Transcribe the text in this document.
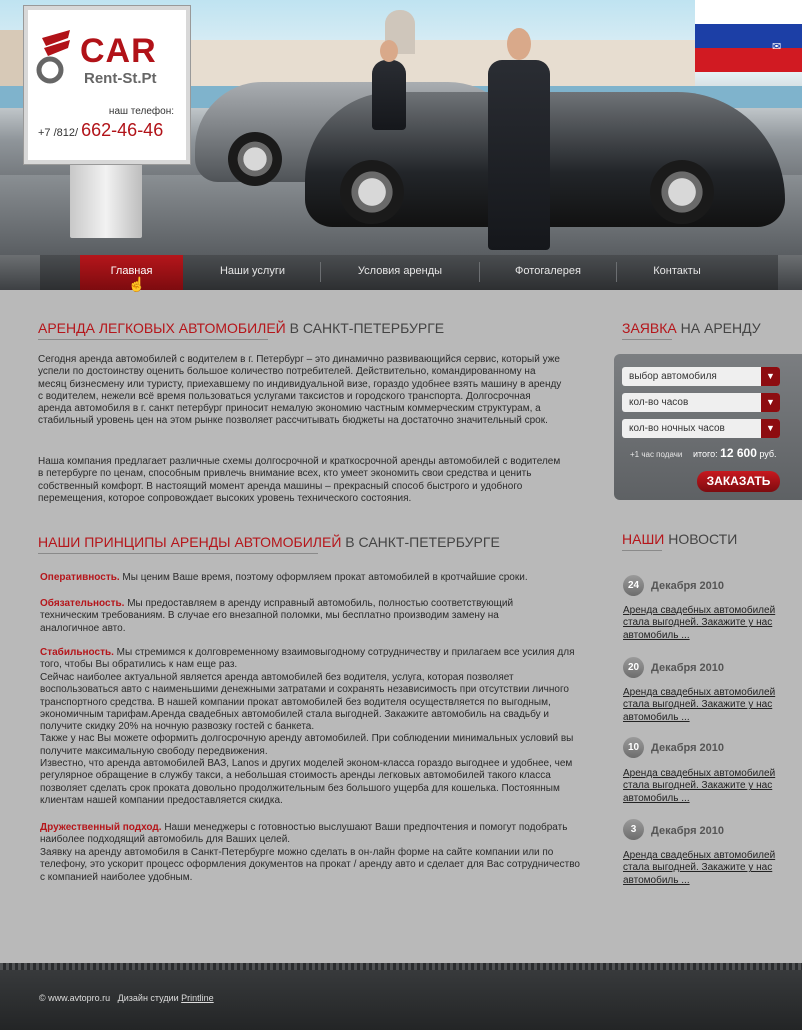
⌂
✉
CAR
Rent-St.Pt
наш телефон:
+7 /812/ 662-46-46
Главная	Наши услуги	Условия аренды	Фотогалерея	Контакты
☝
АРЕНДА ЛЕГКОВЫХ АВТОМОБИЛЕЙ В САНКТ-ПЕТЕРБУРГЕ
Сегодня аренда автомобилей с водителем в г. Петербург – это динамично развивающийся сервис, который уже успели по достоинству оценить большое количество потребителей. Действительно, командированному на месяц бизнесмену или туристу, приехавшему по индивидуальной визе, гораздо удобнее взять машину в аренду с водителем, нежели всё время пользоваться услугами таксистов и городского транспорта. Долгосрочная аренда автомобиля в г. санкт петербург приносит немалую экономию частным коммерческим структурам, а стабильный уровень цен на этом рынке позволяет рассчитывать бюджеты на достаточно значительный срок.
Наша компания предлагает различные схемы долгосрочной и краткосрочной аренды автомобилей с водителем в петербурге по ценам, способным привлечь внимание всех, кто умеет экономить свои средства и ценить собственный комфорт. В настоящий момент аренда машины – прекрасный способ быстрого и удобного перемещения, которое сопровождает высоких уровень технического состояния.
НАШИ ПРИНЦИПЫ АРЕНДЫ АВТОМОБИЛЕЙ В САНКТ-ПЕТЕРБУРГЕ
Оперативность. Мы ценим Ваше время, поэтому оформляем прокат автомобилей в кротчайшие сроки.
Обязательность. Мы предоставляем в аренду исправный автомобиль, полностью соответствующий техническим требованиям. В случае его внезапной поломки, мы бесплатно производим замену на аналогичное авто.
Стабильность. Мы стремимся к долговременному взаимовыгодному сотрудничеству и прилагаем все усилия для того, чтобы Вы обратились к нам еще раз.
Сейчас наиболее актуальной является аренда автомобилей без водителя, услуга, которая позволяет воспользоваться авто с наименьшими денежными затратами и сохранять независимость при отсутствии личного транспортного средства. В нашей компании прокат автомобилей без водителя осуществляется по выгодным, экономичным тарифам.Аренда свадебных автомобилей стала выгодней. Закажите автомобиль на свадьбу и получите скидку 20% на ночную развозку гостей с банкета.
Также у нас Вы можете оформить долгосрочную аренду автомобилей. При соблюдении минимальных условий вы получите максимальную свободу передвижения.
Известно, что аренда автомобилей ВАЗ, Lanos и других моделей эконом-класса гораздо выгоднее и удобнее, чем регулярное обращение в службу такси, а небольшая стоимость аренды легковых автомобилей такого класса позволяет сделать срок проката довольно продолжительным без большого ущерба для кошелька. Постоянным клиентам нашей компании предоставляется скидка.
Дружественный подход. Наши менеджеры с готовностью выслушают Ваши предпочтения и помогут подобрать наиболее подходящий автомобиль для Ваших целей.
Заявку на аренду автомобиля в Санкт-Петербурге можно сделать в он-лайн форме на сайте компании или по телефону, это ускорит процесс оформления документов на прокат / аренду авто и сделает для Вас сотрудничество с компанией наиболее удобным.
ЗАЯВКА НА АРЕНДУ
выбор автомобиля	▼
кол-во часов	▼
кол-во ночных часов	▼
+1 час подачи итого: 12 600 руб.
ЗАКАЗАТЬ
НАШИ НОВОСТИ
24	Декабря 2010
Аренда свадебных автомобилей стала выгодней. Закажите у нас автомобиль ...
20	Декабря 2010
Аренда свадебных автомобилей стала выгодней. Закажите у нас автомобиль ...
10	Декабря 2010
Аренда свадебных автомобилей стала выгодней. Закажите у нас автомобиль ...
3	Декабря 2010
Аренда свадебных автомобилей стала выгодней. Закажите у нас автомобиль ...
© www.avtopro.ru Дизайн студии Printline
